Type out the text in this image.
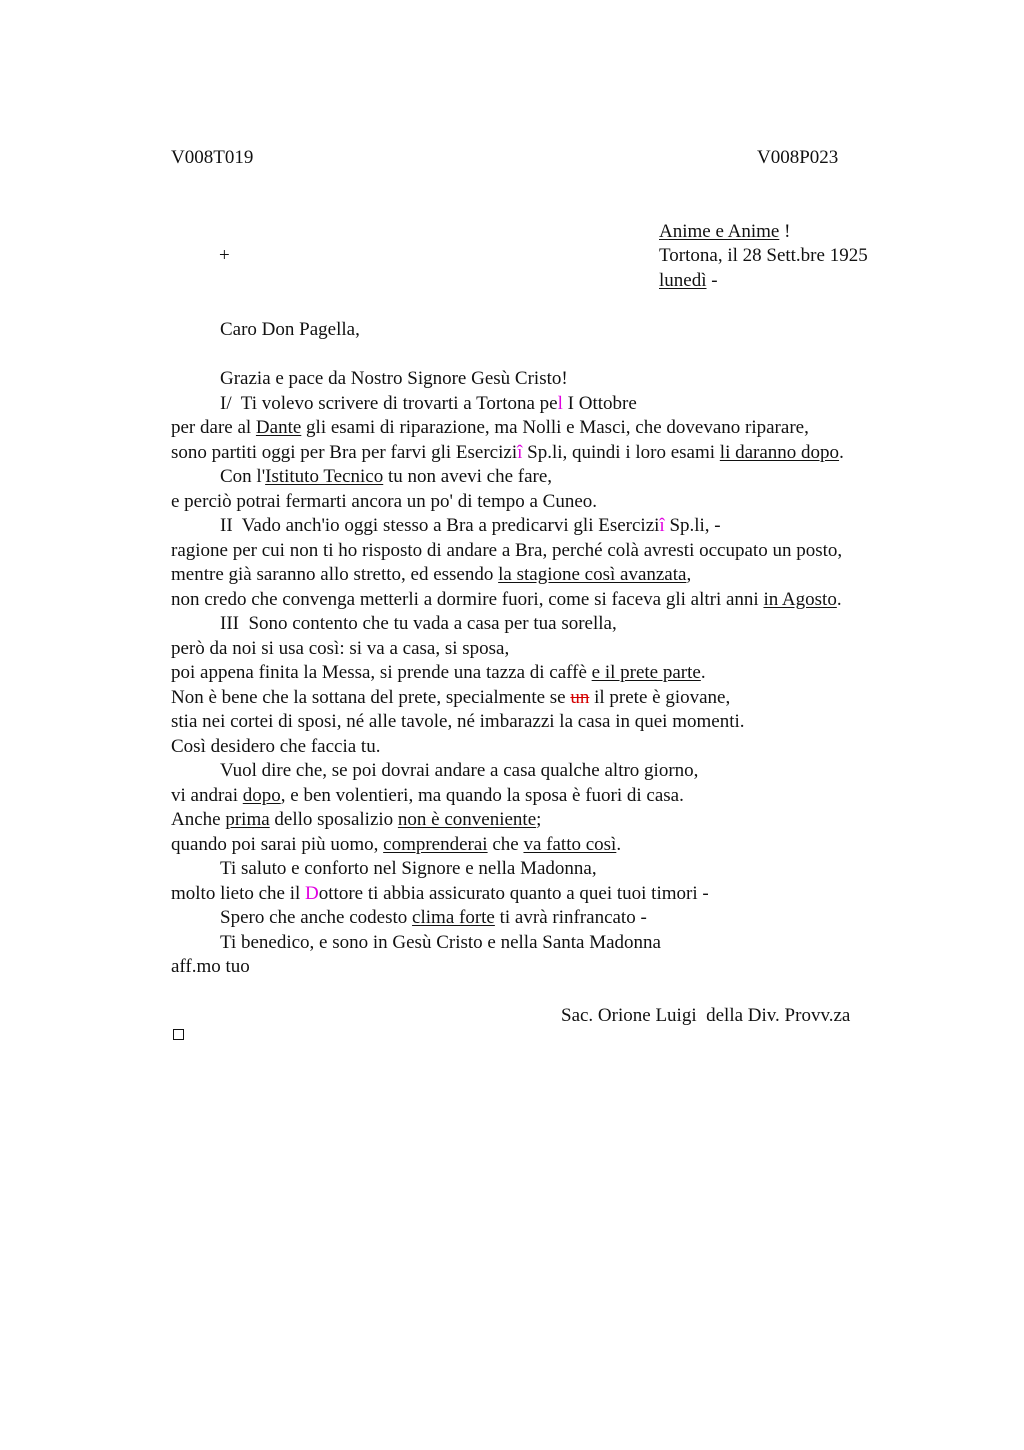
V008T019	V008P023
Anime e Anime !
+	Tortona, il 28 Sett.bre 1925
lunedì -
Caro Don Pagella,
Grazia e pace da Nostro Signore Gesù Cristo!
I/  Ti volevo scrivere di trovarti a Tortona pel I Ottobre
per dare al Dante gli esami di riparazione, ma Nolli e Masci, che dovevano riparare,
sono partiti oggi per Bra per farvi gli Eserciziî Sp.li, quindi i loro esami li daranno dopo.
Con l'Istituto Tecnico tu non avevi che fare,
e perciò potrai fermarti ancora un po' di tempo a Cuneo.
II  Vado anch'io oggi stesso a Bra a predicarvi gli Eserciziî Sp.li, -
ragione per cui non ti ho risposto di andare a Bra, perché colà avresti occupato un posto,
mentre già saranno allo stretto, ed essendo la stagione così avanzata,
non credo che convenga metterli a dormire fuori, come si faceva gli altri anni in Agosto.
III  Sono contento che tu vada a casa per tua sorella,
però da noi si usa così: si va a casa, si sposa,
poi appena finita la Messa, si prende una tazza di caffè e il prete parte.
Non è bene che la sottana del prete, specialmente se un il prete è giovane,
stia nei cortei di sposi, né alle tavole, né imbarazzi la casa in quei momenti.
Così desidero che faccia tu.
Vuol dire che, se poi dovrai andare a casa qualche altro giorno,
vi andrai dopo, e ben volentieri, ma quando la sposa è fuori di casa.
Anche prima dello sposalizio non è conveniente;
quando poi sarai più uomo, comprenderai che va fatto così.
Ti saluto e conforto nel Signore e nella Madonna,
molto lieto che il Dottore ti abbia assicurato quanto a quei tuoi timori -
Spero che anche codesto clima forte ti avrà rinfrancato -
Ti benedico, e sono in Gesù Cristo e nella Santa Madonna
aff.mo tuo
Sac. Orione Luigi  della Div. Provv.za
